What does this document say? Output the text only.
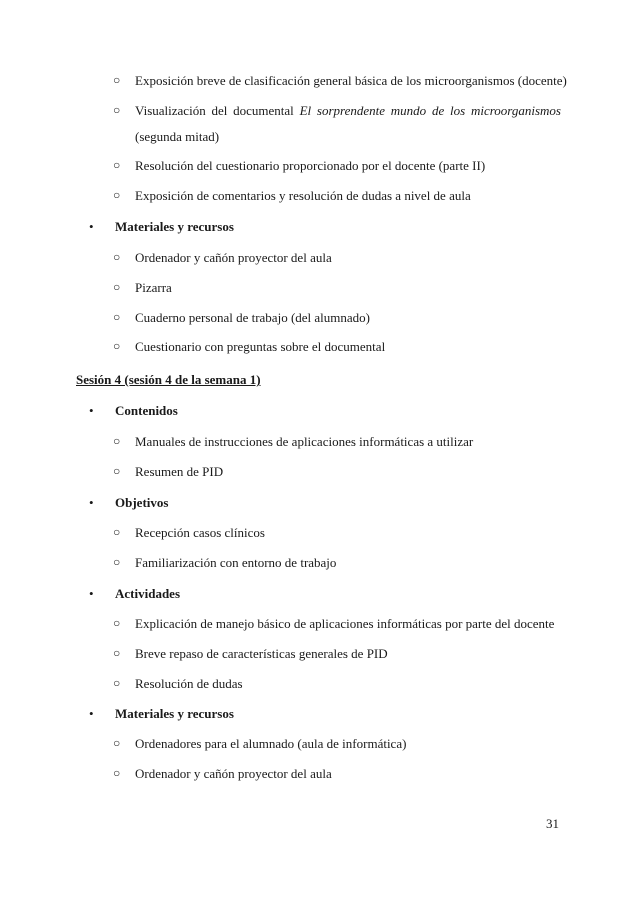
○ Exposición breve de clasificación general básica de los microorganismos (docente)
○ Visualización del documental El sorprendente mundo de los microorganismos
(segunda mitad)
○ Resolución del cuestionario proporcionado por el docente (parte II)
○ Exposición de comentarios y resolución de dudas a nivel de aula
• Materiales y recursos
○ Ordenador y cañón proyector del aula
○ Pizarra
○ Cuaderno personal de trabajo (del alumnado)
○ Cuestionario con preguntas sobre el documental
Sesión 4 (sesión 4 de la semana 1)
• Contenidos
○ Manuales de instrucciones de aplicaciones informáticas a utilizar
○ Resumen de PID
• Objetivos
○ Recepción casos clínicos
○ Familiarización con entorno de trabajo
• Actividades
○ Explicación de manejo básico de aplicaciones informáticas por parte del docente
○ Breve repaso de características generales de PID
○ Resolución de dudas
• Materiales y recursos
○ Ordenadores para el alumnado (aula de informática)
○ Ordenador y cañón proyector del aula
31
